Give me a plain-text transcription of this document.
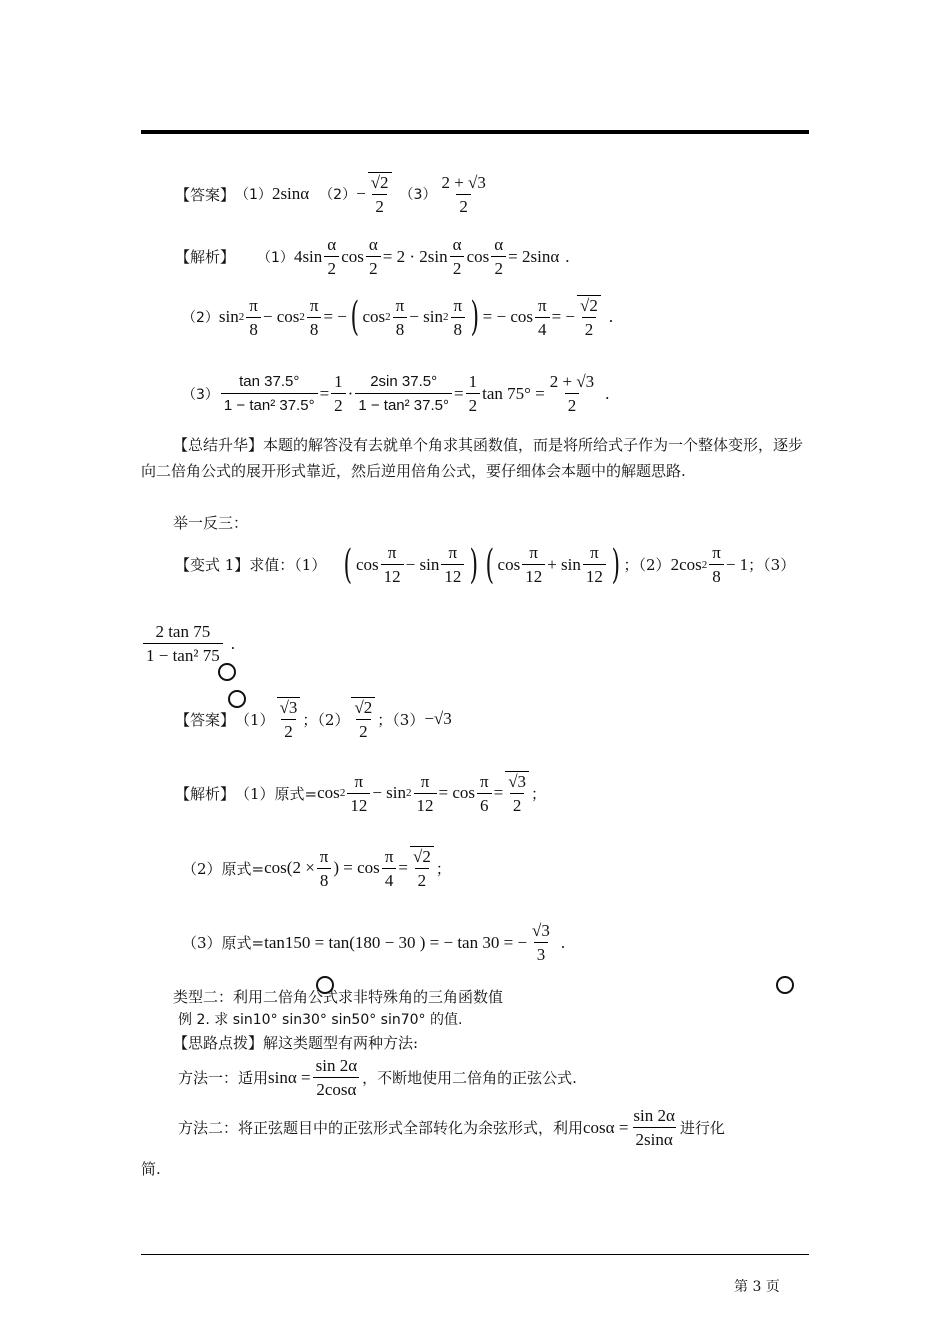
【答案】 （1） 2sinα $(2) - \frac{√2}{2} (3) \frac{2 + √3}{2}$
【解析】 （1） $4\sin \frac{\alpha}{2}$ $\cos \frac{\alpha}{2} = 2 \cdot 2\sin \frac{\alpha}{2}$ $\cos \frac{\alpha}{2} = 2\sin\alpha$ .
（2） $\sin 2 \frac{\pi}{8} - \cos 2 \frac{\pi}{8}$ = − ( $\cos 2 \frac{\pi}{8} - \sin 2 \frac{\pi}{8}$ ) = − $\cos \frac{\pi}{4}$ = − $\frac{√2}{2}$ .
$(3) \frac{\tan 37.5^\circ}{\text{1 − tan² 37.5°}} = \frac{1}{2} \cdot \frac{2\sin 37.5^\circ}{\text{1 − tan² 37.5°}} = \frac{1}{2}$ $\tan 75^\circ = \frac{2 + √3}{2}$ .
【总结升华】本题的解答没有去就单个角求其函数值，而是将所给式子作为一个整体变形，逐步向二倍角公式的展开形式靠近，然后逆用倍角公式，要仔细体会本题中的解题思路.
举一反三：
【变式 1】求值：（1） ( $\cos \frac{\pi}{12} - \sin \frac{\pi}{12}$ ) ( $\cos \frac{\pi}{12} + \sin \frac{\pi}{12}$ ) ；（2） 2cos $2 \frac{\pi}{8} - 1$ ；（3）
$\frac{2 \tan 75}{\text{1 − tan² 75}}$ .
【答案】 $(1) \frac{√3}{2}$ ；$(2) \frac{√2}{2}$ ；（3） −√3
【解析】 （1）原式= $\cos 2 \frac{\pi}{12} - \sin 2 \frac{\pi}{12} = \cos \frac{\pi}{6} = \frac{√3}{2}$ ；
（2）原式= $\cos(2 \times \frac{\pi}{8}$ ) = $\cos \frac{\pi}{4} = \frac{√2}{2}$ ；
（3）原式= tan150 = tan(180 − 30 ) = − tan 30 = − $\frac{√3}{3}$ .
类型二：利用二倍角公式求非特殊角的三角函数值
例 2. 求 sin10° sin30° sin50° sin70° 的值.
【思路点拨】解这类题型有两种方法:
方法一：适用 $\sin\alpha = \frac{\sin 2\alpha}{2\cos\alpha}$ ，不断地使用二倍角的正弦公式.
方法二：将正弦题目中的正弦形式全部转化为余弦形式，利用 $\cos\alpha = \frac{\sin 2\alpha}{2\sin\alpha}$ 进行化
简.
第 3 页
